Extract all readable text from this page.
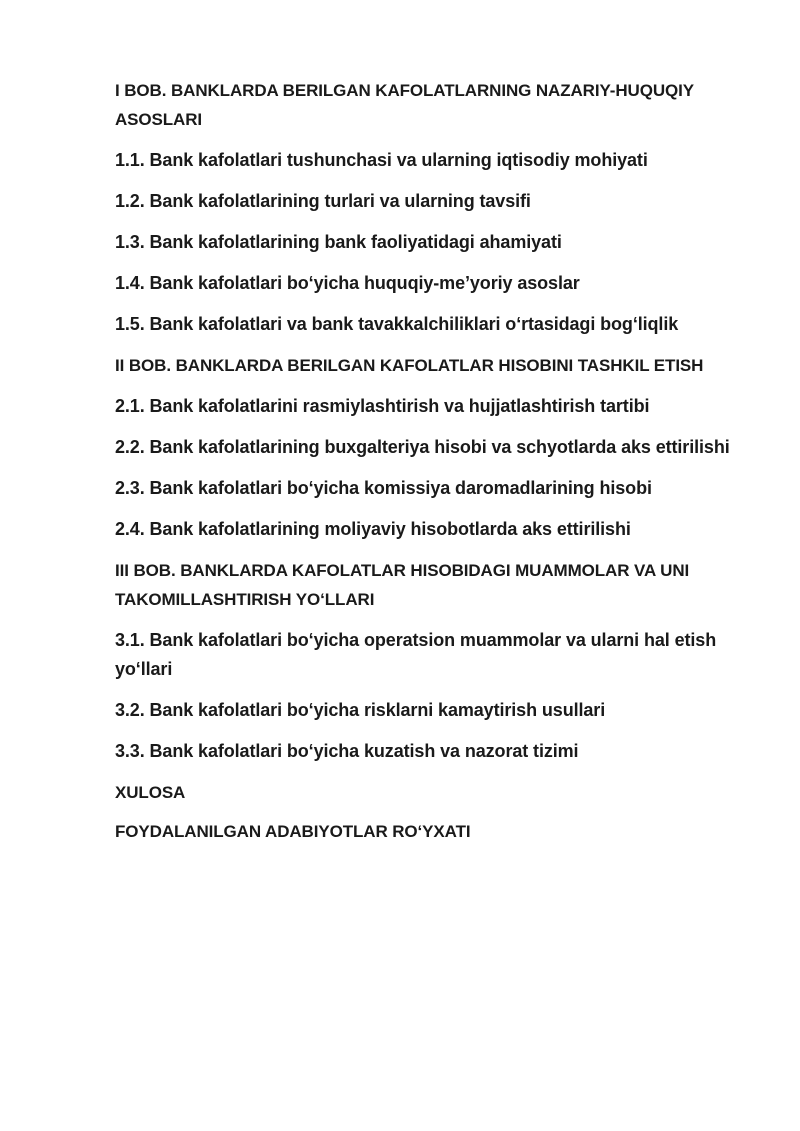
I BOB. BANKLARDA BERILGAN KAFOLATLARNING NAZARIY-HUQUQIY ASOSLARI

1.1. Bank kafolatlari tushunchasi va ularning iqtisodiy mohiyati

1.2. Bank kafolatlarining turlari va ularning tavsifi

1.3. Bank kafolatlarining bank faoliyatidagi ahamiyati

1.4. Bank kafolatlari bo‘yicha huquqiy-me’yoriy asoslar

1.5. Bank kafolatlari va bank tavakkalchiliklari o‘rtasidagi bog‘liqlik

II BOB. BANKLARDA BERILGAN KAFOLATLAR HISOBINI TASHKIL ETISH

2.1. Bank kafolatlarini rasmiylashtirish va hujjatlashtirish tartibi

2.2. Bank kafolatlarining buxgalteriya hisobi va schyotlarda aks ettirilishi

2.3. Bank kafolatlari bo‘yicha komissiya daromadlarining hisobi

2.4. Bank kafolatlarining moliyaviy hisobotlarda aks ettirilishi

III BOB. BANKLARDA KAFOLATLAR HISOBIDAGI MUAMMOLAR VA UNI TAKOMILLASHTIRISH YO‘LLARI

3.1. Bank kafolatlari bo‘yicha operatsion muammolar va ularni hal etish yo‘llari

3.2. Bank kafolatlari bo‘yicha risklarni kamaytirish usullari

3.3. Bank kafolatlari bo‘yicha kuzatish va nazorat tizimi

XULOSA

FOYDALANILGAN ADABIYOTLAR RO‘YXATI
